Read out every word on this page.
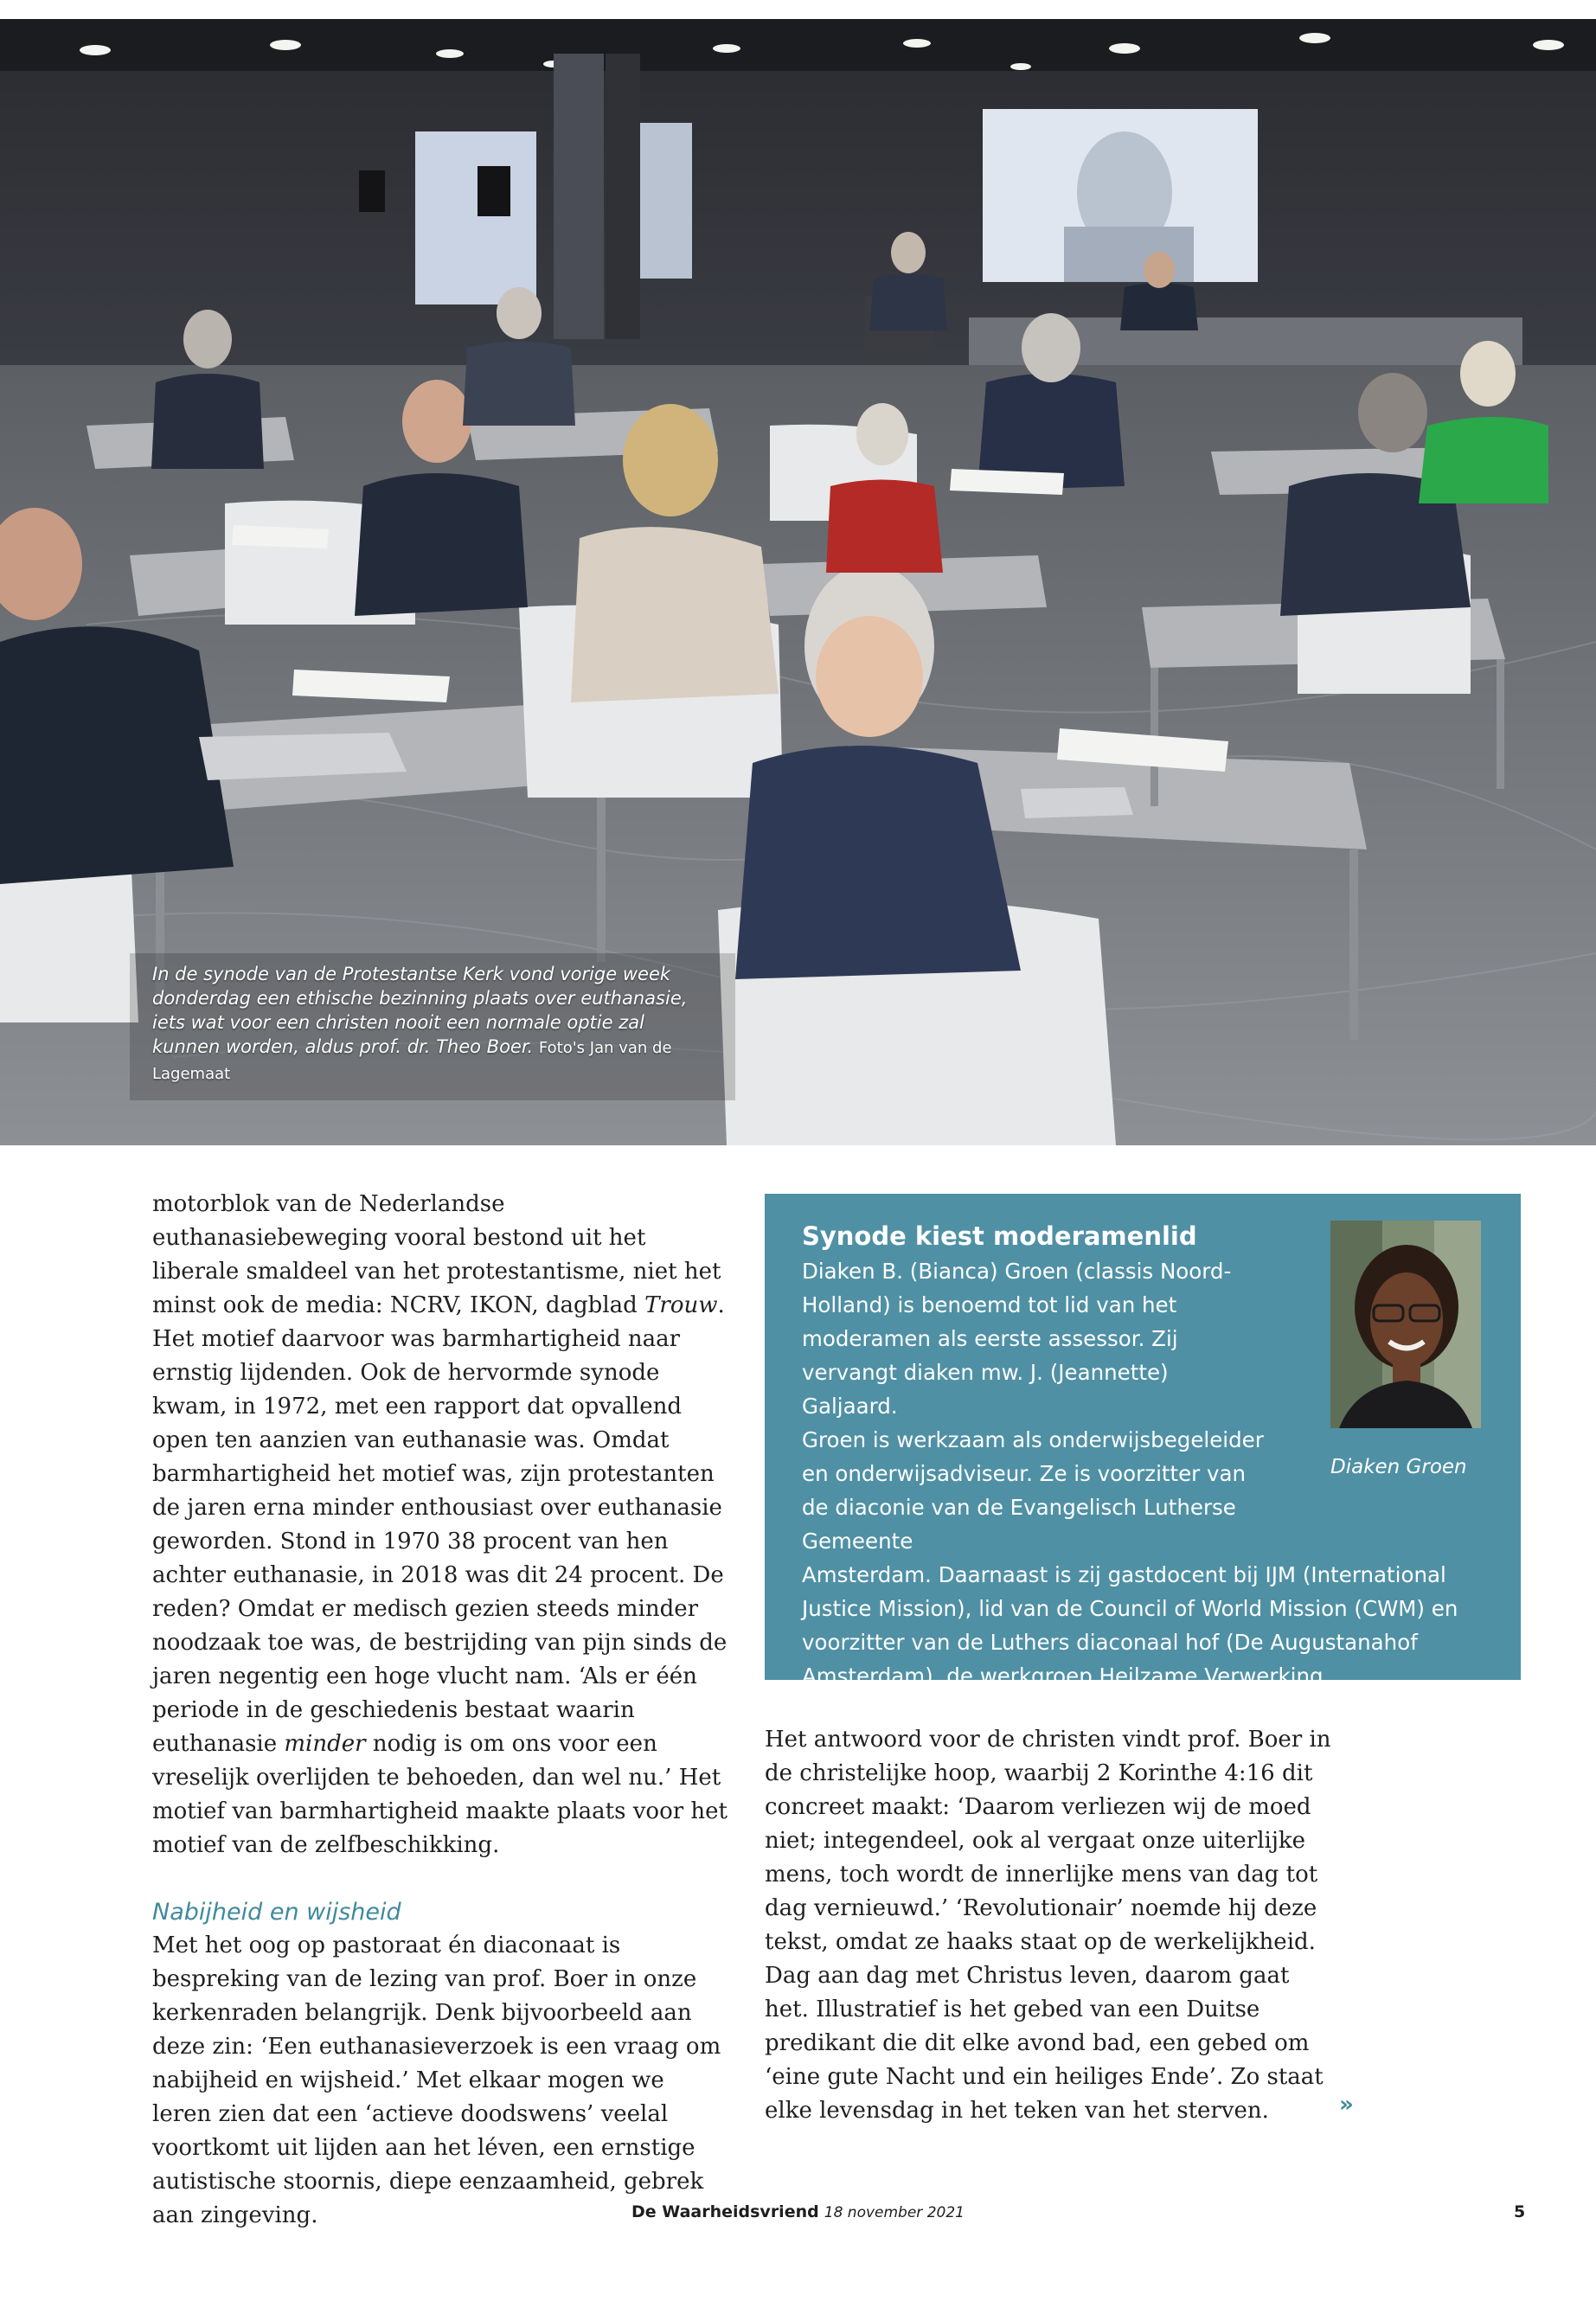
In de synode van de Protestantse Kerk vond vorige week donderdag een ethische bezinning plaats over euthanasie, iets wat voor een christen nooit een normale optie zal kunnen worden, aldus prof. dr. Theo Boer. Foto's Jan van de Lagemaat

motorblok van de Nederlandse euthanasiebeweging vooral bestond uit het liberale smaldeel van het protestantisme, niet het minst ook de media: NCRV, IKON, dagblad Trouw. Het motief daarvoor was barmhartigheid naar ernstig lijdenden. Ook de hervormde synode kwam, in 1972, met een rapport dat opvallend open ten aanzien van euthanasie was. Omdat barmhartigheid het motief was, zijn protestanten de jaren erna minder enthousiast over euthanasie geworden. Stond in 1970 38 procent van hen achter euthanasie, in 2018 was dit 24 procent. De reden? Omdat er medisch gezien steeds minder noodzaak toe was, de bestrijding van pijn sinds de jaren negentig een hoge vlucht nam. ‘Als er één periode in de geschiedenis bestaat waarin euthanasie minder nodig is om ons voor een vreselijk overlijden te behoeden, dan wel nu.’ Het motief van barmhartigheid maakte plaats voor het motief van de zelfbeschikking.

Nabijheid en wijsheid

Met het oog op pastoraat én diaconaat is bespreking van de lezing van prof. Boer in onze kerkenraden belangrijk. Denk bijvoorbeeld aan deze zin: ‘Een euthanasieverzoek is een vraag om nabijheid en wijsheid.’ Met elkaar mogen we leren zien dat een ‘actieve doodswens’ veelal voortkomt uit lijden aan het léven, een ernstige autistische stoornis, diepe eenzaamheid, gebrek aan zingeving.

Synode kiest moderamenlid

Diaken B. (Bianca) Groen (classis Noord-Holland) is benoemd tot lid van het moderamen als eerste assessor. Zij vervangt diaken mw. J. (Jeannette) Galjaard.

Groen is werkzaam als onderwijsbegeleider en onderwijsadviseur. Ze is voorzitter van de diaconie van de Evangelisch Lutherse Gemeente

Amsterdam. Daarnaast is zij gastdocent bij IJM (International Justice Mission), lid van de Council of World Mission (CWM) en voorzitter van de Luthers diaconaal hof (De Augustanahof Amsterdam), de werkgroep Heilzame Verwerking Slavernijverleden en bestuurslid van de Haella Stichting.

Diaken Groen

Het antwoord voor de christen vindt prof. Boer in de christelijke hoop, waarbij 2 Korinthe 4:16 dit concreet maakt: ‘Daarom verliezen wij de moed niet; integendeel, ook al vergaat onze uiterlijke mens, toch wordt de innerlijke mens van dag tot dag vernieuwd.’ ‘Revolutionair’ noemde hij deze tekst, omdat ze haaks staat op de werkelijkheid. Dag aan dag met Christus leven, daarom gaat het. Illustratief is het gebed van een Duitse predikant die dit elke avond bad, een gebed om ‘eine gute Nacht und ein heiliges Ende’. Zo staat elke levensdag in het teken van het sterven.	»
De Waarheidsvriend 18 november 2021	5
